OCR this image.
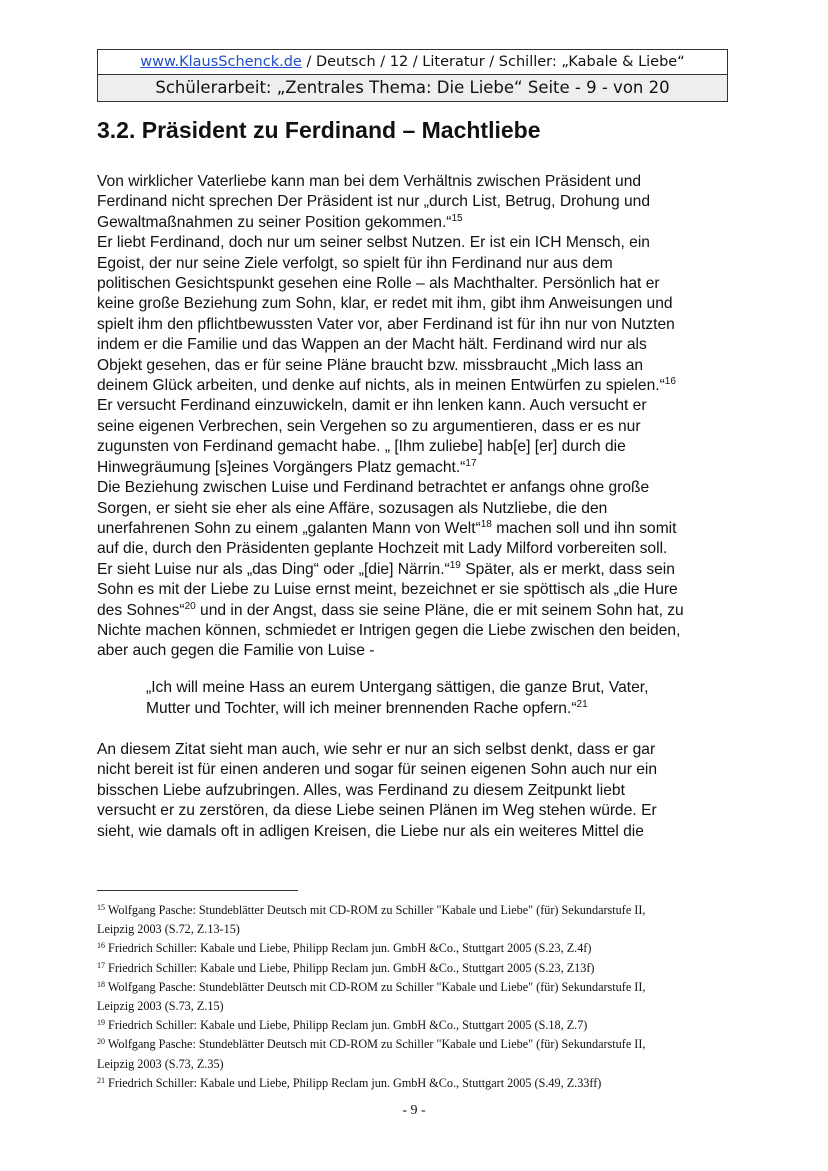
www.KlausSchenck.de / Deutsch / 12 / Literatur / Schiller: „Kabale & Liebe“
Schülerarbeit: „Zentrales Thema: Die Liebe“ Seite - 9 - von 20
3.2. Präsident zu Ferdinand – Machtliebe
Von wirklicher Vaterliebe kann man bei dem Verhältnis zwischen Präsident und
Ferdinand nicht sprechen Der Präsident ist nur „durch List, Betrug, Drohung und
Gewaltmaßnahmen zu seiner Position gekommen.“$^{15}$
Er liebt Ferdinand, doch nur um seiner selbst Nutzen. Er ist ein ICH Mensch, ein
Egoist, der nur seine Ziele verfolgt, so spielt für ihn Ferdinand nur aus dem
politischen Gesichtspunkt gesehen eine Rolle – als Machthalter. Persönlich hat er
keine große Beziehung zum Sohn, klar, er redet mit ihm, gibt ihm Anweisungen und
spielt ihm den pflichtbewussten Vater vor, aber Ferdinand ist für ihn nur von Nutzten
indem er die Familie und das Wappen an der Macht hält. Ferdinand wird nur als
Objekt gesehen, das er für seine Pläne braucht bzw. missbraucht „Mich lass an
deinem Glück arbeiten, und denke auf nichts, als in meinen Entwürfen zu spielen.“$^{16}$
Er versucht Ferdinand einzuwickeln, damit er ihn lenken kann. Auch versucht er
seine eigenen Verbrechen, sein Vergehen so zu argumentieren, dass er es nur
zugunsten von Ferdinand gemacht habe. „ [Ihm zuliebe] hab[e] [er] durch die
Hinwegräumung [s]eines Vorgängers Platz gemacht.“$^{17}$
Die Beziehung zwischen Luise und Ferdinand betrachtet er anfangs ohne große
Sorgen, er sieht sie eher als eine Affäre, sozusagen als Nutzliebe, die den
unerfahrenen Sohn zu einem „galanten Mann von Welt“$^{18}$ machen soll und ihn somit
auf die, durch den Präsidenten geplante Hochzeit mit Lady Milford vorbereiten soll.
Er sieht Luise nur als „das Ding“ oder „[die] Närrin.“$^{19}$ Später, als er merkt, dass sein
Sohn es mit der Liebe zu Luise ernst meint, bezeichnet er sie spöttisch als „die Hure
des Sohnes“$^{20}$ und in der Angst, dass sie seine Pläne, die er mit seinem Sohn hat, zu
Nichte machen können, schmiedet er Intrigen gegen die Liebe zwischen den beiden,
aber auch gegen die Familie von Luise -
„Ich will meine Hass an eurem Untergang sättigen, die ganze Brut, Vater,
Mutter und Tochter, will ich meiner brennenden Rache opfern.“$^{21}$
An diesem Zitat sieht man auch, wie sehr er nur an sich selbst denkt, dass er gar
nicht bereit ist für einen anderen und sogar für seinen eigenen Sohn auch nur ein
bisschen Liebe aufzubringen. Alles, was Ferdinand zu diesem Zeitpunkt liebt
versucht er zu zerstören, da diese Liebe seinen Plänen im Weg stehen würde. Er
sieht, wie damals oft in adligen Kreisen, die Liebe nur als ein weiteres Mittel die
$^{15}$ Wolfgang Pasche: Stundeblätter Deutsch mit CD-ROM zu Schiller "Kabale und Liebe" (für) Sekundarstufe II,
Leipzig 2003 (S.72, Z.13-15)
$^{16}$ Friedrich Schiller: Kabale und Liebe, Philipp Reclam jun. GmbH &Co., Stuttgart 2005 (S.23, Z.4f)
$^{17}$ Friedrich Schiller: Kabale und Liebe, Philipp Reclam jun. GmbH &Co., Stuttgart 2005 (S.23, Z13f)
$^{18}$ Wolfgang Pasche: Stundeblätter Deutsch mit CD-ROM zu Schiller "Kabale und Liebe" (für) Sekundarstufe II,
Leipzig 2003 (S.73, Z.15)
$^{19}$ Friedrich Schiller: Kabale und Liebe, Philipp Reclam jun. GmbH &Co., Stuttgart 2005 (S.18, Z.7)
$^{20}$ Wolfgang Pasche: Stundeblätter Deutsch mit CD-ROM zu Schiller "Kabale und Liebe" (für) Sekundarstufe II,
Leipzig 2003 (S.73, Z.35)
$^{21}$ Friedrich Schiller: Kabale und Liebe, Philipp Reclam jun. GmbH &Co., Stuttgart 2005 (S.49, Z.33ff)
- 9 -
